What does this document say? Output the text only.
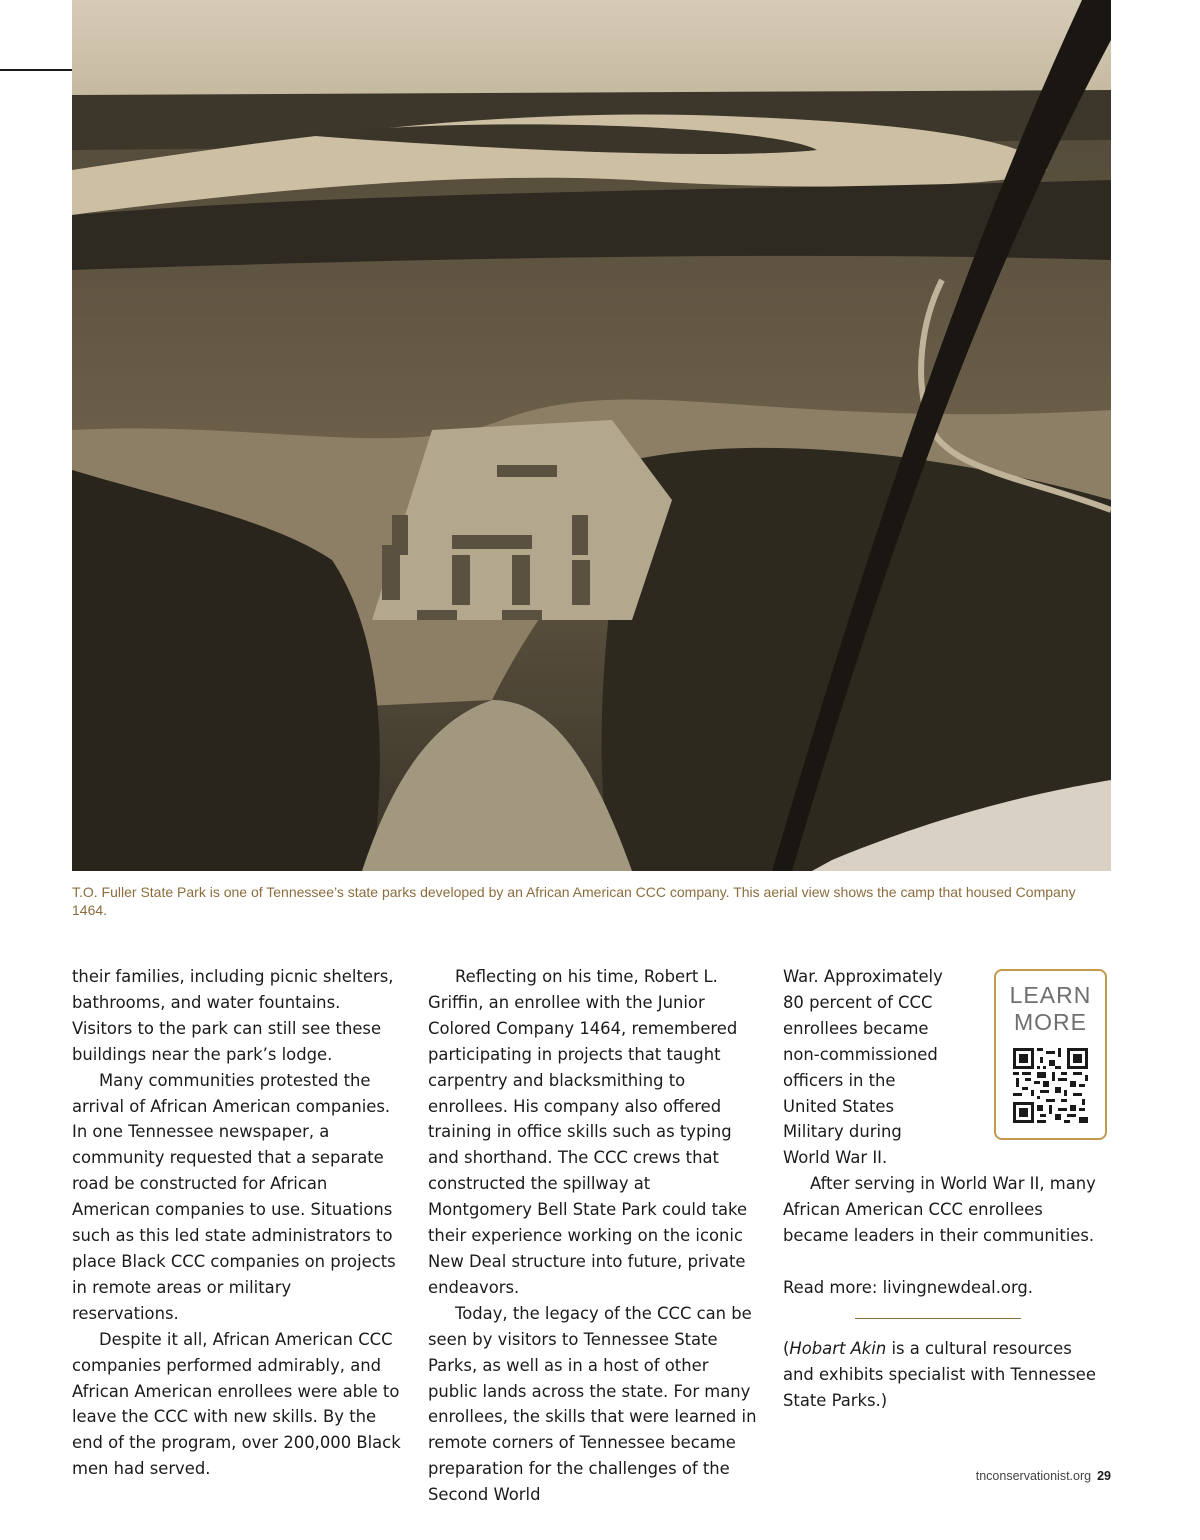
T.O. Fuller State Park is one of Tennessee’s state parks developed by an African American CCC company. This aerial view shows the camp that housed Company 1464.

their families, including picnic shelters, bathrooms, and water fountains. Visitors to the park can still see these buildings near the park’s lodge.

Many communities protested the arrival of African American companies. In one Tennessee newspaper, a community requested that a separate road be constructed for African American companies to use. Situations such as this led state administrators to place Black CCC companies on projects in remote areas or military reservations.

Despite it all, African American CCC companies performed admirably, and African American enrollees were able to leave the CCC with new skills. By the end of the program, over 200,000 Black men had served.

Reflecting on his time, Robert L. Griffin, an enrollee with the Junior Colored Company 1464, remembered participating in projects that taught carpentry and blacksmithing to enrollees. His company also offered training in office skills such as typing and shorthand. The CCC crews that constructed the spillway at Montgomery Bell State Park could take their experience working on the iconic New Deal structure into future, private endeavors.

Today, the legacy of the CCC can be seen by visitors to Tennessee State Parks, as well as in a host of other public lands across the state. For many enrollees, the skills that were learned in remote corners of Tennessee became preparation for the challenges of the Second World

War. Approximately 80 percent of CCC enrollees became non-commissioned officers in the United States Military during World War II.

After serving in World War II, many African American CCC enrollees became leaders in their communities.

Read more: livingnewdeal.org.

(Hobart Akin is a cultural resources and exhibits specialist with Tennessee State Parks.)

LEARN
MORE
tnconservationist.org 29
